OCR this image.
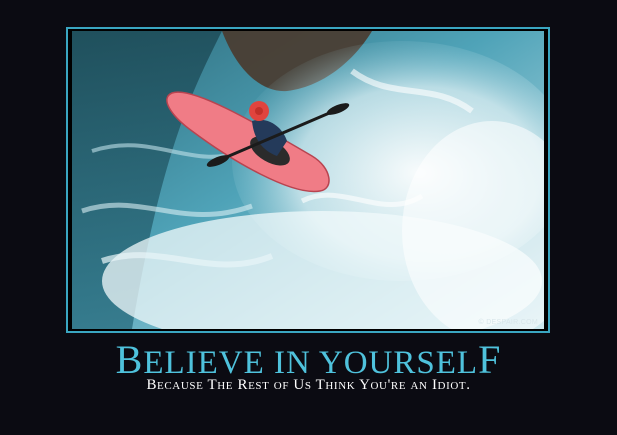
© DESPAIR.COM
BELIEVE IN YOURSELF
Because The Rest of Us Think You're an Idiot.
